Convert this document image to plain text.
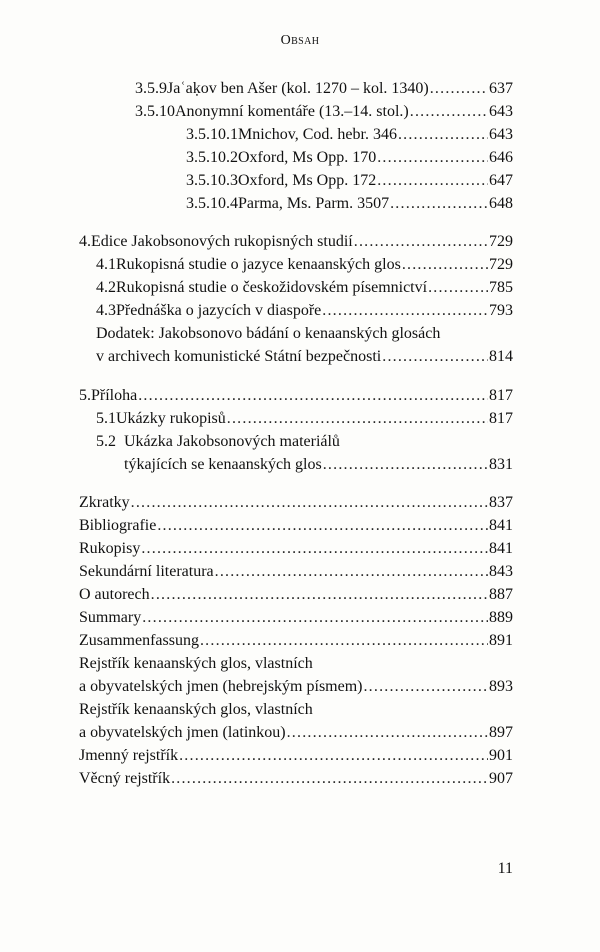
Obsah
3.5.9 Jaʿaḳov ben Ašer (kol. 1270 – kol. 1340) .....	637
3.5.10 Anonymní komentáře (13.–14. stol.) .....	643
3.5.10.1 Mnichov, Cod. hebr. 346 .....	643
3.5.10.2 Oxford, Ms Opp. 170 .....	646
3.5.10.3 Oxford, Ms Opp. 172 .....	647
3.5.10.4 Parma, Ms. Parm. 3507 .....	648
4. Edice Jakobsonových rukopisných studií .....	729
4.1 Rukopisná studie o jazyce kenaanských glos .....	729
4.2 Rukopisná studie o českožidovském písemnictví .....	785
4.3 Přednáška o jazycích v diaspoře .....	793
Dodatek: Jakobsonovo bádání o kenaanských glosách
v archivech komunistické Státní bezpečnosti .....	814
5. Příloha .....	817
5.1 Ukázky rukopisů .....	817
5.2 Ukázka Jakobsonových materiálů
týkajících se kenaanských glos .....	831
Zkratky .....	837
Bibliografie .....	841
Rukopisy .....	841
Sekundární literatura .....	843
O autorech .....	887
Summary .....	889
Zusammenfassung .....	891
Rejstřík kenaanských glos, vlastních
a obyvatelských jmen (hebrejským písmem) .....	893
Rejstřík kenaanských glos, vlastních
a obyvatelských jmen (latinkou) .....	897
Jmenný rejstřík .....	901
Věcný rejstřík .....	907
11
